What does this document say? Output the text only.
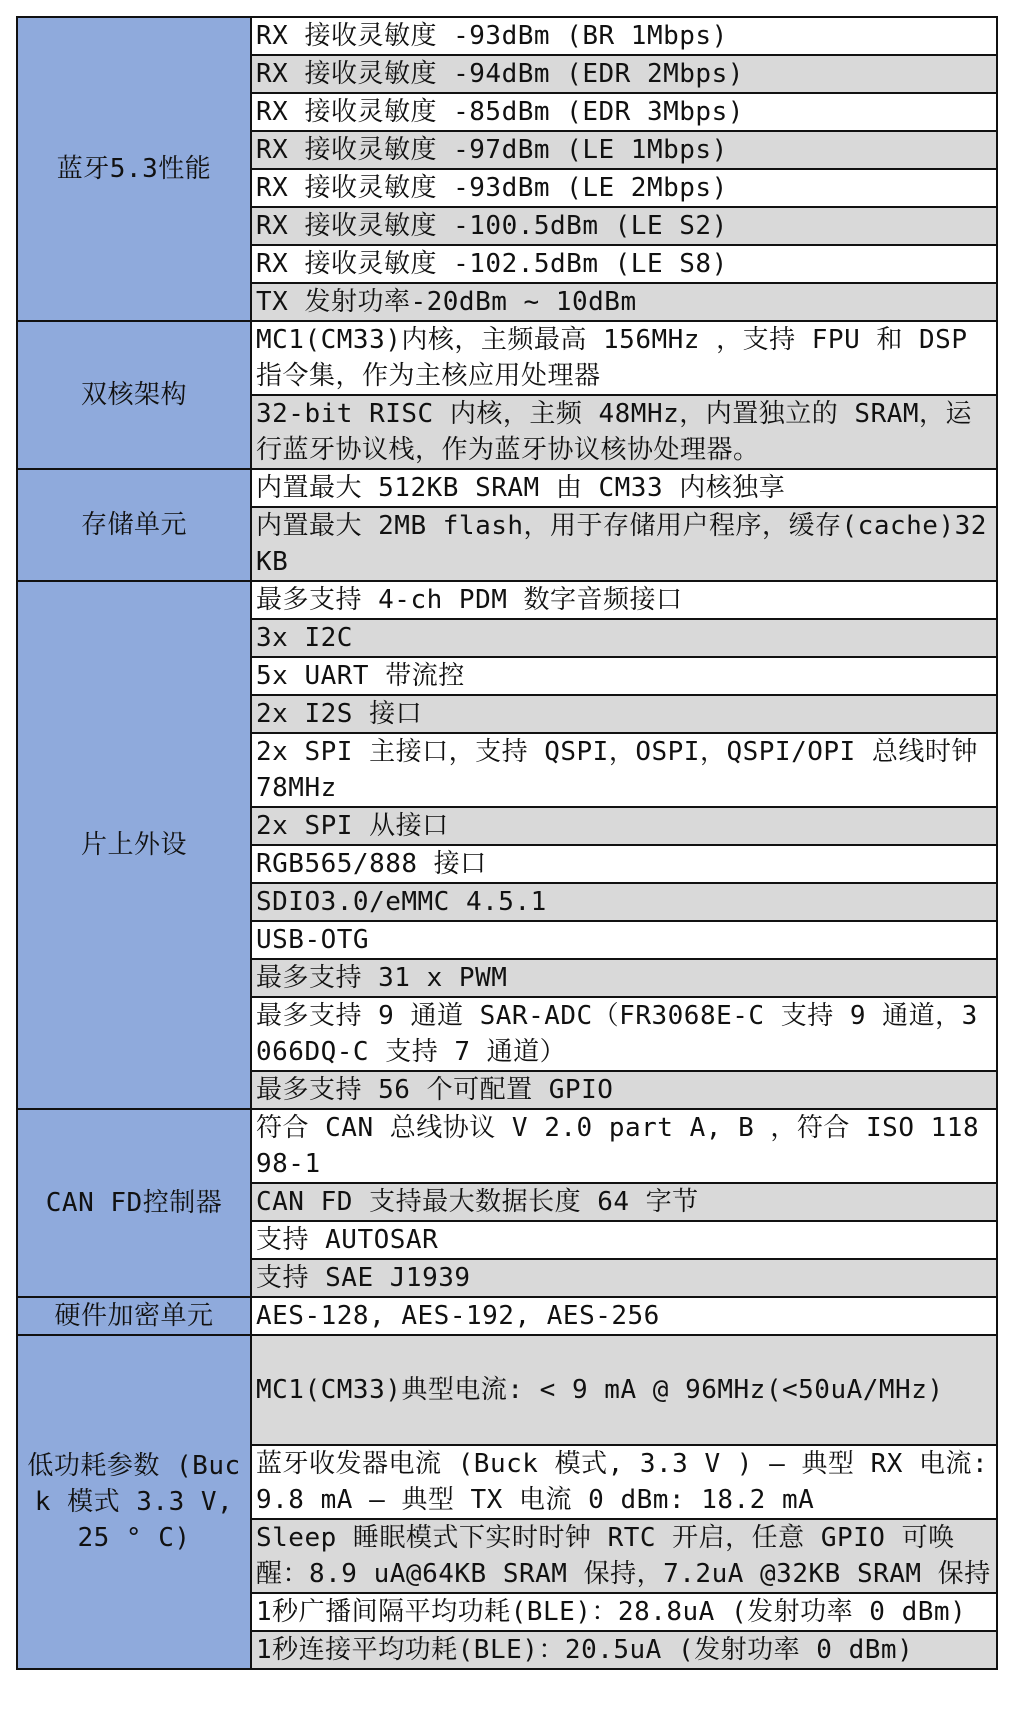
蓝牙5.3性能	RX 接收灵敏度 -93dBm (BR 1Mbps)
	RX 接收灵敏度 -94dBm (EDR 2Mbps)
	RX 接收灵敏度 -85dBm (EDR 3Mbps)
	RX 接收灵敏度 -97dBm (LE 1Mbps)
	RX 接收灵敏度 -93dBm (LE 2Mbps)
	RX 接收灵敏度 -100.5dBm (LE S2)
	RX 接收灵敏度 -102.5dBm (LE S8)
	TX 发射功率-20dBm ~ 10dBm
双核架构	MC1(CM33)内核，主频最高 156MHz ，支持 FPU 和 DSP 指令集，作为主核应用处理器
	32-bit RISC 内核，主频 48MHz，内置独立的 SRAM，运行蓝牙协议栈，作为蓝牙协议核协处理器。
存储单元	内置最大 512KB SRAM 由 CM33 内核独享
	内置最大 2MB flash，用于存储用户程序，缓存(cache)32KB
片上外设	最多支持 4-ch PDM 数字音频接口
	3x I2C
	5x UART 带流控
	2x I2S 接口
	2x SPI 主接口，支持 QSPI，OSPI，QSPI/OPI 总线时钟 78MHz
	2x SPI 从接口
	RGB565/888 接口
	SDIO3.0/eMMC 4.5.1
	USB-OTG
	最多支持 31 x PWM
	最多支持 9 通道 SAR-ADC（FR3068E-C 支持 9 通道，3066DQ-C 支持 7 通道）
	最多支持 56 个可配置 GPIO
CAN FD控制器	符合 CAN 总线协议 V 2.0 part A, B ，符合 ISO 11898-1
	CAN FD 支持最大数据长度 64 字节
	支持 AUTOSAR
	支持 SAE J1939
硬件加密单元	AES-128, AES-192, AES-256
低功耗参数 (Buck 模式 3.3 V, 25 ° C)	MC1(CM33)典型电流: < 9 mA @ 96MHz(<50uA/MHz)
	蓝牙收发器电流 (Buck 模式, 3.3 V ) — 典型 RX 电流: 9.8 mA — 典型 TX 电流 0 dBm: 18.2 mA
	Sleep 睡眠模式下实时时钟 RTC 开启，任意 GPIO 可唤醒：8.9 uA@64KB SRAM 保持，7.2uA @32KB SRAM 保持
	1秒广播间隔平均功耗(BLE)：28.8uA (发射功率 0 dBm)
	1秒连接平均功耗(BLE)：20.5uA (发射功率 0 dBm)
